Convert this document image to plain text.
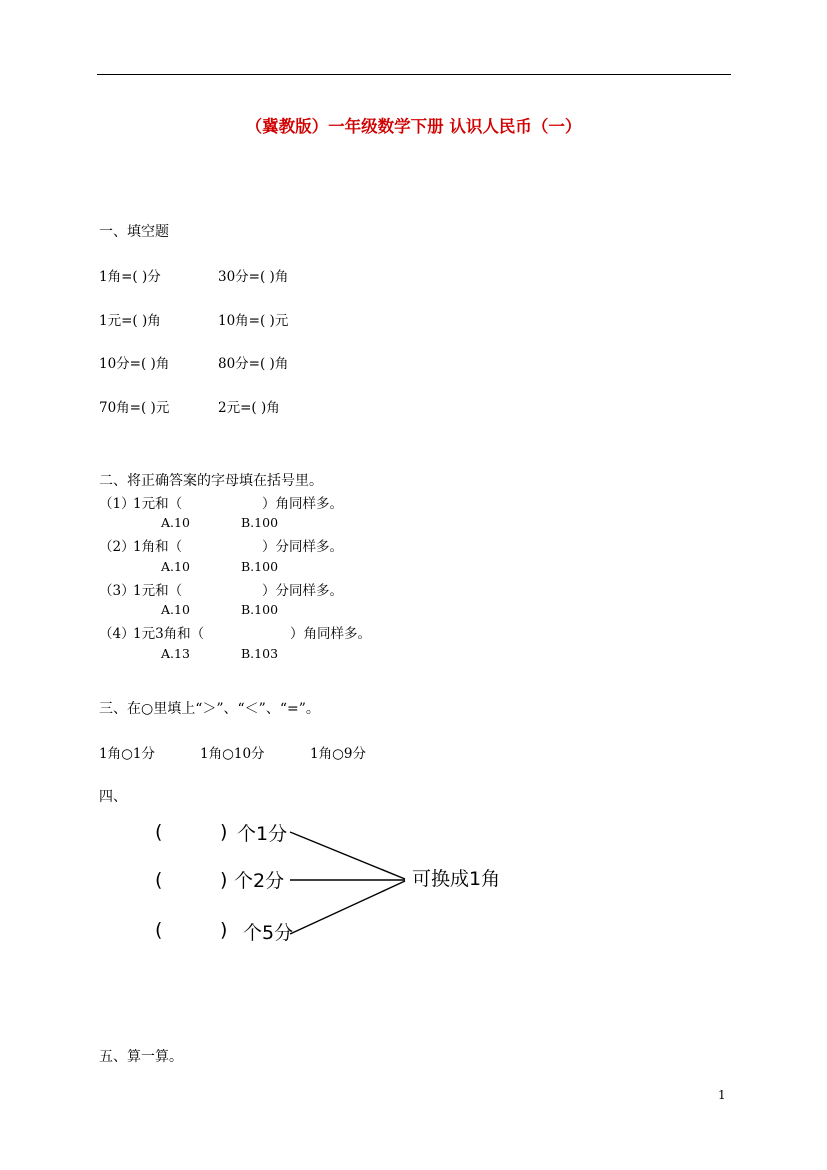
（冀教版）一年级数学下册 认识人民币（一）
一、填空题
1角=( )分	30分=( )角
1元=( )角	10角=( )元
10分=( )角	80分=( )角
70角=( )元	2元=( )角
二、将正确答案的字母填在括号里。
（1）
1元和（	）角同样多。
A.10	B.100
（2）
1角和（	）分同样多。
A.10	B.100
（3）
1元和（	）分同样多。
A.10	B.100
（4）
1元3角和（	）角同样多。
A.13	B.103
三、在○里填上“＞”、“＜”、“=”。
1角○1分	1角○10分	1角○9分
四、
(	) 个1分
(	) 个2分
(	) 个5分
可换成1角
五、算一算。
1
